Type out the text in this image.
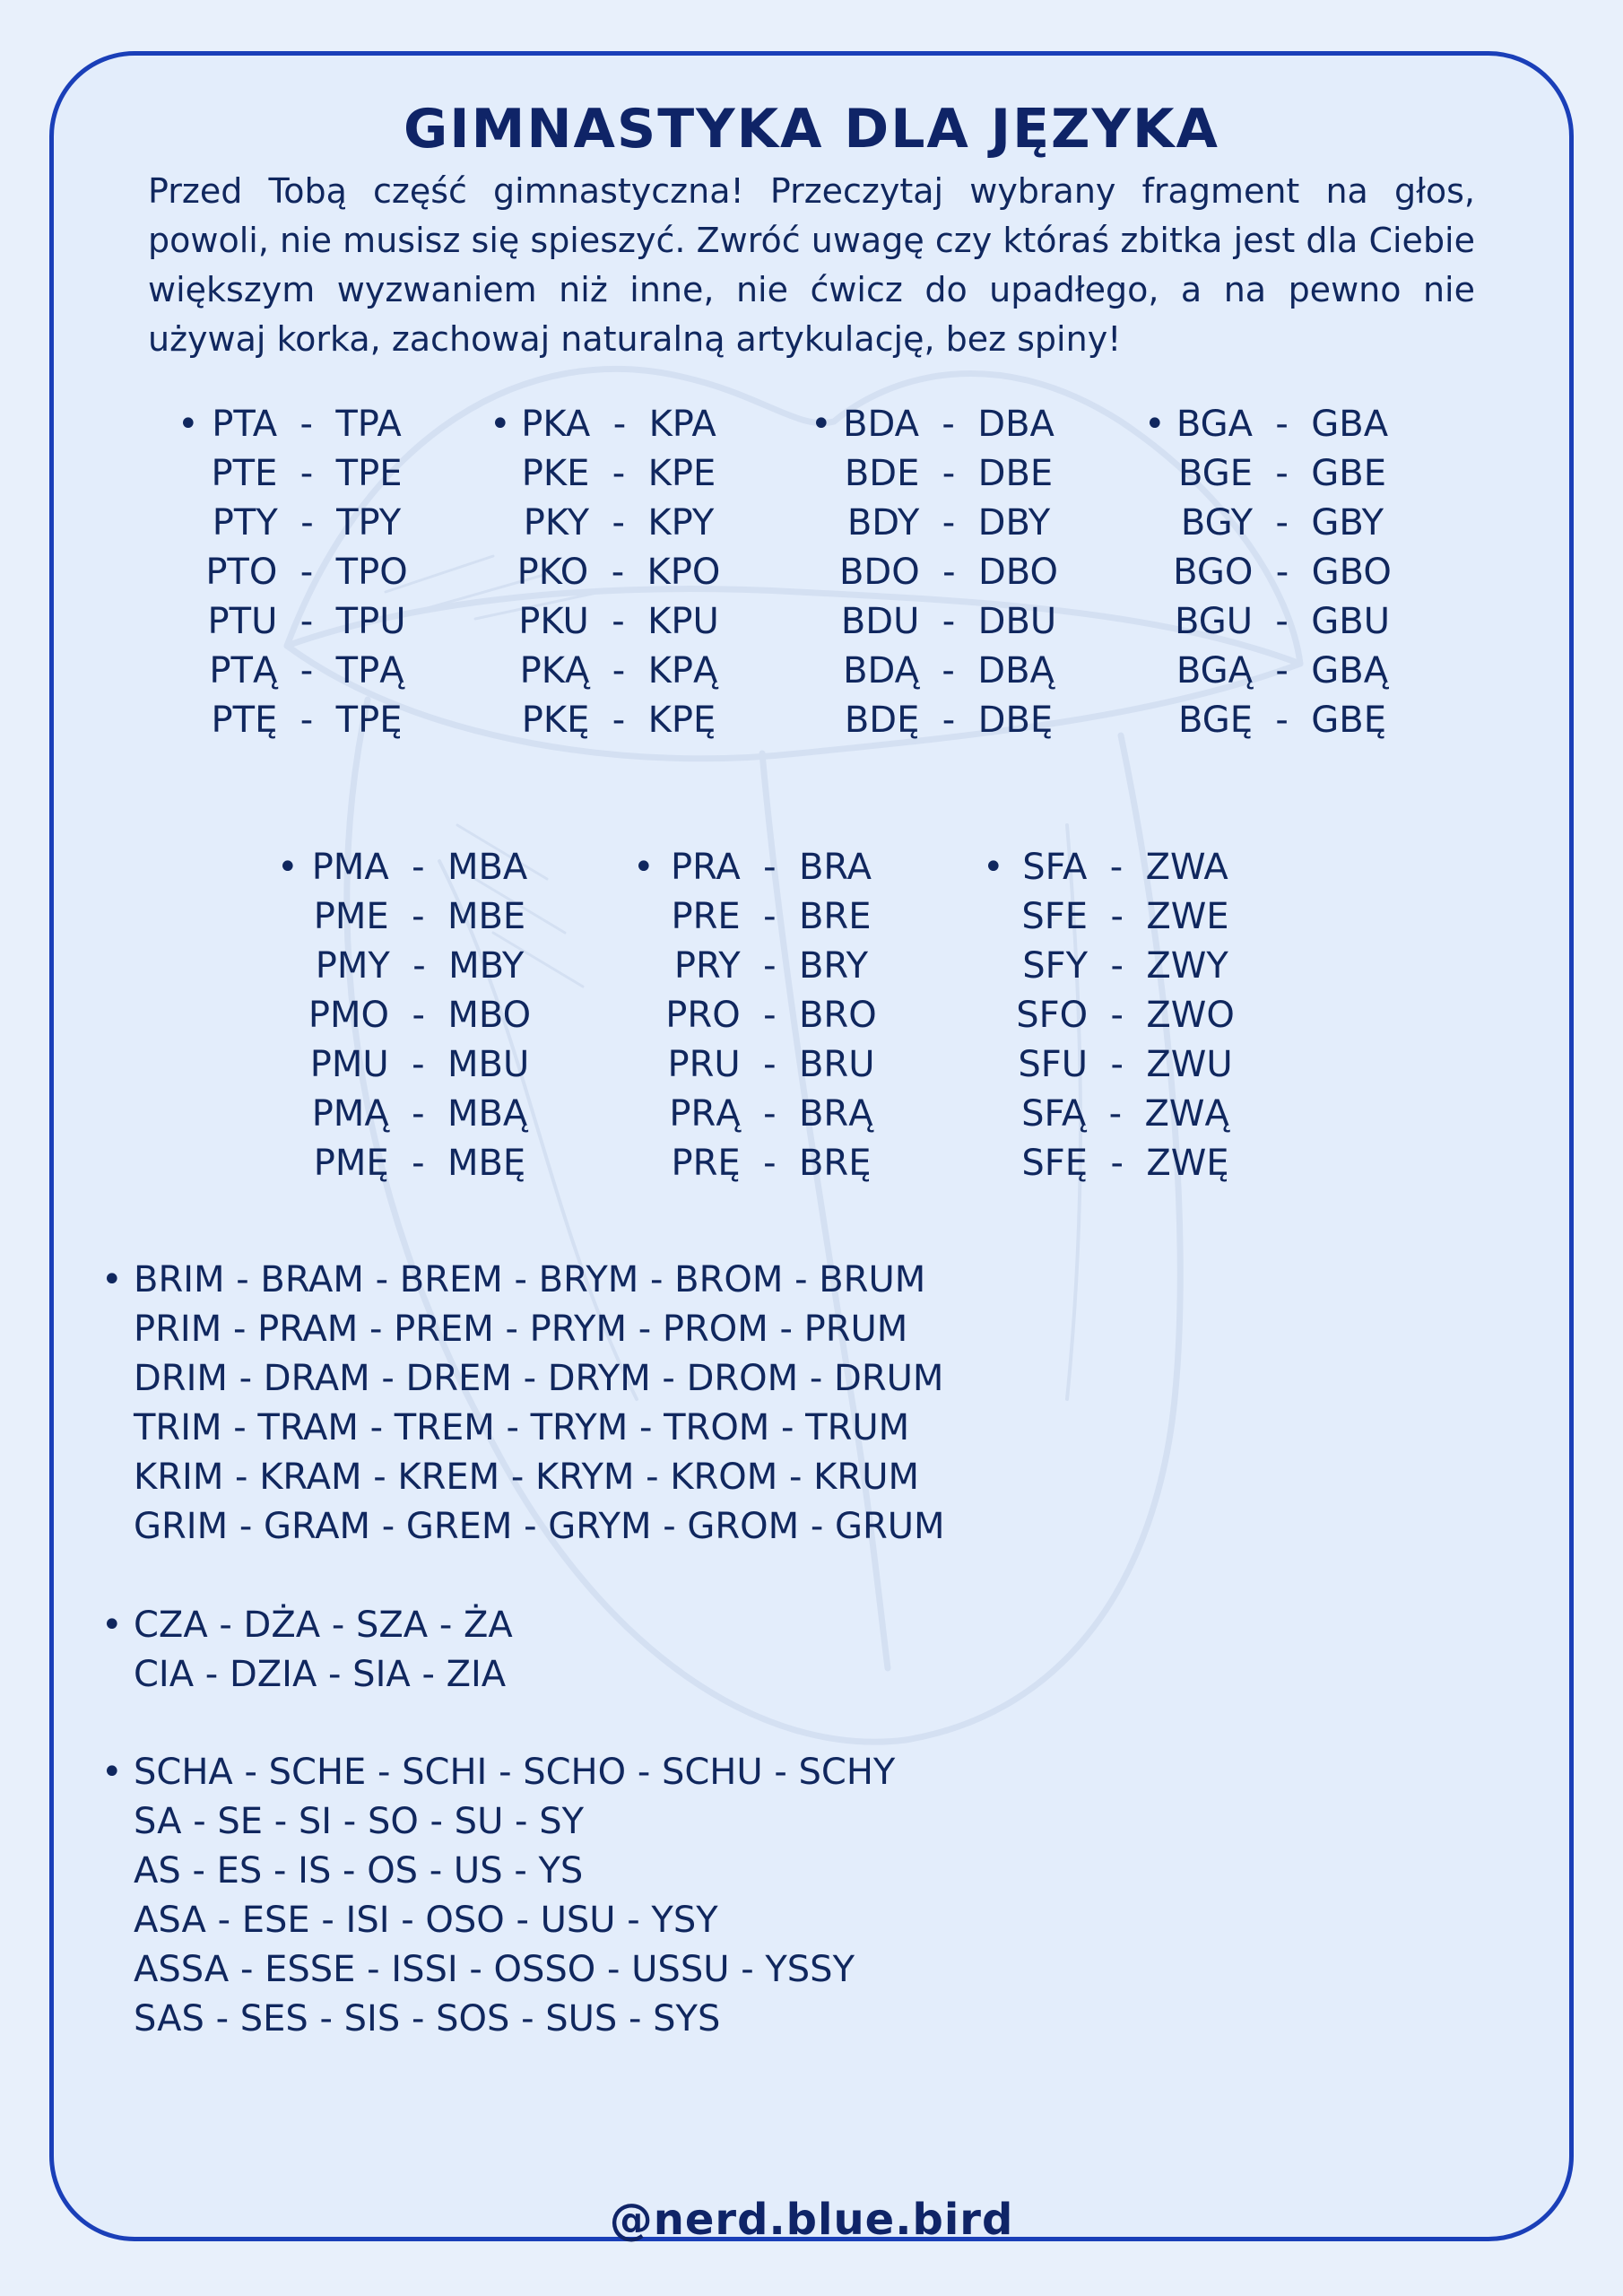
GIMNASTYKA DLA JĘZYKA

Przed Tobą część gimnastyczna! Przeczytaj wybrany fragment na głos, powoli, nie musisz się spieszyć. Zwróć uwagę czy któraś zbitka jest dla Ciebie większym wyzwaniem niż inne, nie ćwicz do upadłego, a na pewno nie używaj korka, zachowaj naturalną artykulację, bez spiny!

• PTA  -  TPA
PTE  -  TPE
PTY  -  TPY
PTO  -  TPO
PTU  -  TPU
PTĄ  -  TPĄ
PTĘ  -  TPĘ
• PKA  -  KPA
PKE  -  KPE
PKY  -  KPY
PKO  -  KPO
PKU  -  KPU
PKĄ  -  KPĄ
PKĘ  -  KPĘ
• BDA  -  DBA
BDE  -  DBE
BDY  -  DBY
BDO  -  DBO
BDU  -  DBU
BDĄ  -  DBĄ
BDĘ  -  DBĘ
• BGA  -  GBA
BGE  -  GBE
BGY  -  GBY
BGO  -  GBO
BGU  -  GBU
BGĄ  -  GBĄ
BGĘ  -  GBĘ
• PMA  -  MBA
PME  -  MBE
PMY  -  MBY
PMO  -  MBO
PMU  -  MBU
PMĄ  -  MBĄ
PMĘ  -  MBĘ
• PRA  -  BRA
PRE  -  BRE
PRY  -  BRY
PRO  -  BRO
PRU  -  BRU
PRĄ  -  BRĄ
PRĘ  -  BRĘ
• SFA  -  ZWA
SFE  -  ZWE
SFY  -  ZWY
SFO  -  ZWO
SFU  -  ZWU
SFĄ  -  ZWĄ
SFĘ  -  ZWĘ
• BRIM - BRAM - BREM - BRYM - BROM - BRUM
PRIM - PRAM - PREM - PRYM - PROM - PRUM
DRIM - DRAM - DREM - DRYM - DROM - DRUM
TRIM - TRAM - TREM - TRYM - TROM - TRUM
KRIM - KRAM - KREM - KRYM - KROM - KRUM
GRIM - GRAM - GREM - GRYM - GROM - GRUM
• CZA - DŻA - SZA - ŻA
CIA - DZIA - SIA - ZIA
• SCHA - SCHE - SCHI - SCHO - SCHU - SCHY
SA - SE - SI - SO - SU - SY
AS - ES - IS - OS - US - YS
ASA - ESE - ISI - OSO - USU - YSY
ASSA - ESSE - ISSI - OSSO - USSU - YSSY
SAS - SES - SIS - SOS - SUS - SYS

@nerd.blue.bird
